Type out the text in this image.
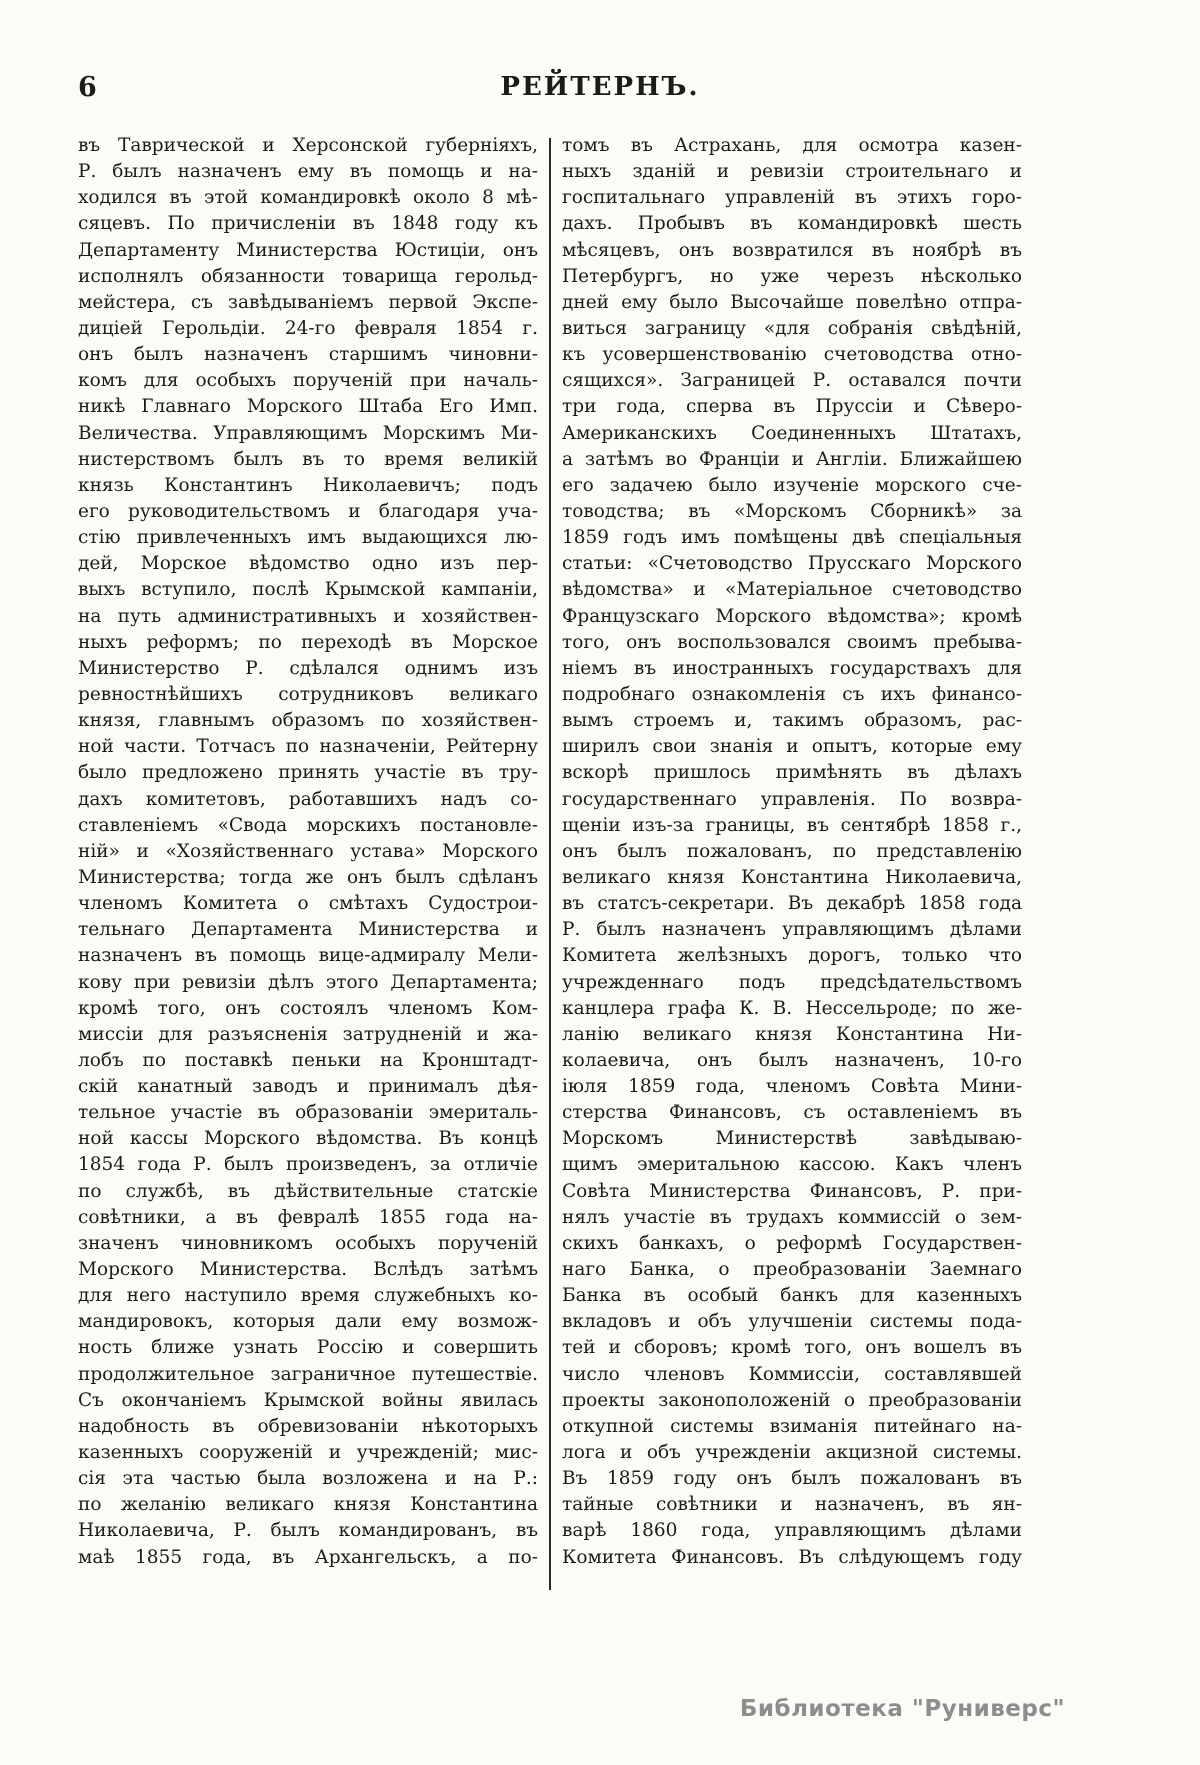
6	РЕЙТЕРНЪ.
въ Таврической и Херсонской губерніяхъ,
Р. былъ назначенъ ему въ помощь и на-
ходился въ этой командировкѣ около 8 мѣ-
сяцевъ. По причисленіи въ 1848 году къ
Департаменту Министерства Юстиціи, онъ
исполнялъ обязанности товарища герольд-
мейстера, съ завѣдываніемъ первой Экспе-
диціей Герольдіи. 24-го февраля 1854 г.
онъ былъ назначенъ старшимъ чиновни-
комъ для особыхъ порученій при началь-
никѣ Главнаго Морского Штаба Его Имп.
Величества. Управляющимъ Морскимъ Ми-
нистерствомъ былъ въ то время великій
князь Константинъ Николаевичъ; подъ
его руководительствомъ и благодаря уча-
стію привлеченныхъ имъ выдающихся лю-
дей, Морское вѣдомство одно изъ пер-
выхъ вступило, послѣ Крымской кампаніи,
на путь административныхъ и хозяйствен-
ныхъ реформъ; по переходѣ въ Морское
Министерство Р. сдѣлался однимъ изъ
ревностнѣйшихъ сотрудниковъ великаго
князя, главнымъ образомъ по хозяйствен-
ной части. Тотчасъ по назначеніи, Рейтерну
было предложено принять участіе въ тру-
дахъ комитетовъ, работавшихъ надъ со-
ставленіемъ «Свода морскихъ постановле-
ній» и «Хозяйственнаго устава» Морского
Министерства; тогда же онъ былъ сдѣланъ
членомъ Комитета о смѣтахъ Судострои-
тельнаго Департамента Министерства и
назначенъ въ помощь вице-адмиралу Мели-
кову при ревизіи дѣлъ этого Департамента;
кромѣ того, онъ состоялъ членомъ Ком-
миссіи для разъясненія затрудненій и жа-
лобъ по поставкѣ пеньки на Кронштадт-
скій канатный заводъ и принималъ дѣя-
тельное участіе въ образованіи эмериталь-
ной кассы Морского вѣдомства. Въ концѣ
1854 года Р. былъ произведенъ, за отличіе
по службѣ, въ дѣйствительные статскіе
совѣтники, а въ февралѣ 1855 года на-
значенъ чиновникомъ особыхъ порученій
Морского Министерства. Вслѣдъ затѣмъ
для него наступило время служебныхъ ко-
мандировокъ, которыя дали ему возмож-
ность ближе узнать Россію и совершить
продолжительное заграничное путешествіе.
Съ окончаніемъ Крымской войны явилась
надобность въ обревизованіи нѣкоторыхъ
казенныхъ сооруженій и учрежденій; мис-
сія эта частью была возложена и на Р.:
по желанію великаго князя Константина
Николаевича, Р. былъ командированъ, въ
маѣ 1855 года, въ Архангельскъ, а по-
томъ въ Астрахань, для осмотра казен-
ныхъ зданій и ревизіи строительнаго и
госпитальнаго управленій въ этихъ горо-
дахъ. Пробывъ въ командировкѣ шесть
мѣсяцевъ, онъ возвратился въ ноябрѣ въ
Петербургъ, но уже черезъ нѣсколько
дней ему было Высочайше повелѣно отпра-
виться заграницу «для собранія свѣдѣній,
къ усовершенствованію счетоводства отно-
сящихся». Заграницей Р. оставался почти
три года, сперва въ Пруссіи и Сѣверо-
Американскихъ Соединенныхъ Штатахъ,
а затѣмъ во Франціи и Англіи. Ближайшею
его задачею было изученіе морского сче-
товодства; въ «Морскомъ Сборникѣ» за
1859 годъ имъ помѣщены двѣ спеціальныя
статьи: «Счетоводство Прусскаго Морского
вѣдомства» и «Матеріальное счетоводство
Французскаго Морского вѣдомства»; кромѣ
того, онъ воспользовался своимъ пребыва-
ніемъ въ иностранныхъ государствахъ для
подробнаго ознакомленія съ ихъ финансо-
вымъ строемъ и, такимъ образомъ, рас-
ширилъ свои знанія и опытъ, которые ему
вскорѣ пришлось примѣнять въ дѣлахъ
государственнаго управленія. По возвра-
щеніи изъ-за границы, въ сентябрѣ 1858 г.,
онъ былъ пожалованъ, по представленію
великаго князя Константина Николаевича,
въ статсъ-секретари. Въ декабрѣ 1858 года
Р. былъ назначенъ управляющимъ дѣлами
Комитета желѣзныхъ дорогъ, только что
учрежденнаго подъ предсѣдательствомъ
канцлера графа К. В. Нессельроде; по же-
ланію великаго князя Константина Ни-
колаевича, онъ былъ назначенъ, 10-го
іюля 1859 года, членомъ Совѣта Мини-
стерства Финансовъ, съ оставленіемъ въ
Морскомъ Министерствѣ завѣдываю-
щимъ эмеритальною кассою. Какъ членъ
Совѣта Министерства Финансовъ, Р. при-
нялъ участіе въ трудахъ коммиссій о зем-
скихъ банкахъ, о реформѣ Государствен-
наго Банка, о преобразованіи Заемнаго
Банка въ особый банкъ для казенныхъ
вкладовъ и объ улучшеніи системы пода-
тей и сборовъ; кромѣ того, онъ вошелъ въ
число членовъ Коммиссіи, составлявшей
проекты законоположеній о преобразованіи
откупной системы взиманія питейнаго на-
лога и объ учрежденіи акцизной системы.
Въ 1859 году онъ былъ пожалованъ въ
тайные совѣтники и назначенъ, въ ян-
варѣ 1860 года, управляющимъ дѣлами
Комитета Финансовъ. Въ слѣдующемъ году
Библиотека "Руниверс"
